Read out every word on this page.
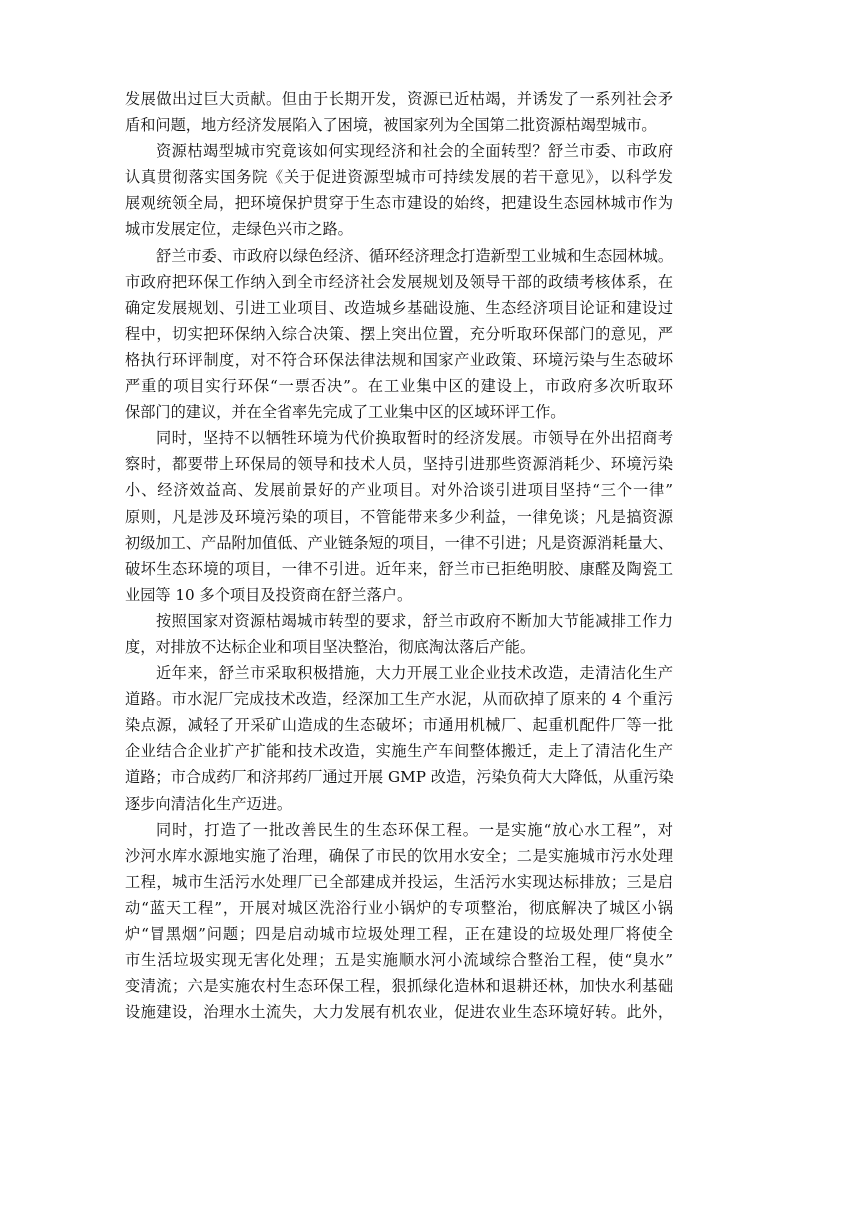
发展做出过巨大贡献。但由于长期开发，资源已近枯竭，并诱发了一系列社会矛
盾和问题，地方经济发展陷入了困境，被国家列为全国第二批资源枯竭型城市。
资源枯竭型城市究竟该如何实现经济和社会的全面转型？舒兰市委、市政府
认真贯彻落实国务院《关于促进资源型城市可持续发展的若干意见》，以科学发
展观统领全局，把环境保护贯穿于生态市建设的始终，把建设生态园林城市作为
城市发展定位，走绿色兴市之路。
舒兰市委、市政府以绿色经济、循环经济理念打造新型工业城和生态园林城。
市政府把环保工作纳入到全市经济社会发展规划及领导干部的政绩考核体系，在
确定发展规划、引进工业项目、改造城乡基础设施、生态经济项目论证和建设过
程中，切实把环保纳入综合决策、摆上突出位置，充分听取环保部门的意见，严
格执行环评制度，对不符合环保法律法规和国家产业政策、环境污染与生态破坏
严重的项目实行环保“一票否决”。在工业集中区的建设上，市政府多次听取环
保部门的建议，并在全省率先完成了工业集中区的区域环评工作。
同时，坚持不以牺牲环境为代价换取暂时的经济发展。市领导在外出招商考
察时，都要带上环保局的领导和技术人员，坚持引进那些资源消耗少、环境污染
小、经济效益高、发展前景好的产业项目。对外洽谈引进项目坚持“三个一律”
原则，凡是涉及环境污染的项目，不管能带来多少利益，一律免谈；凡是搞资源
初级加工、产品附加值低、产业链条短的项目，一律不引进；凡是资源消耗量大、
破坏生态环境的项目，一律不引进。近年来，舒兰市已拒绝明胶、康醛及陶瓷工
业园等 10 多个项目及投资商在舒兰落户。
按照国家对资源枯竭城市转型的要求，舒兰市政府不断加大节能减排工作力
度，对排放不达标企业和项目坚决整治，彻底淘汰落后产能。
近年来，舒兰市采取积极措施，大力开展工业企业技术改造，走清洁化生产
道路。市水泥厂完成技术改造，经深加工生产水泥，从而砍掉了原来的 4 个重污
染点源，减轻了开采矿山造成的生态破坏；市通用机械厂、起重机配件厂等一批
企业结合企业扩产扩能和技术改造，实施生产车间整体搬迁，走上了清洁化生产
道路；市合成药厂和济邦药厂通过开展 GMP 改造，污染负荷大大降低，从重污染
逐步向清洁化生产迈进。
同时，打造了一批改善民生的生态环保工程。一是实施“放心水工程”，对
沙河水库水源地实施了治理，确保了市民的饮用水安全；二是实施城市污水处理
工程，城市生活污水处理厂已全部建成并投运，生活污水实现达标排放；三是启
动“蓝天工程”，开展对城区洗浴行业小锅炉的专项整治，彻底解决了城区小锅
炉“冒黑烟”问题；四是启动城市垃圾处理工程，正在建设的垃圾处理厂将使全
市生活垃圾实现无害化处理；五是实施顺水河小流域综合整治工程，使“臭水”
变清流；六是实施农村生态环保工程，狠抓绿化造林和退耕还林，加快水利基础
设施建设，治理水土流失，大力发展有机农业，促进农业生态环境好转。此外，
